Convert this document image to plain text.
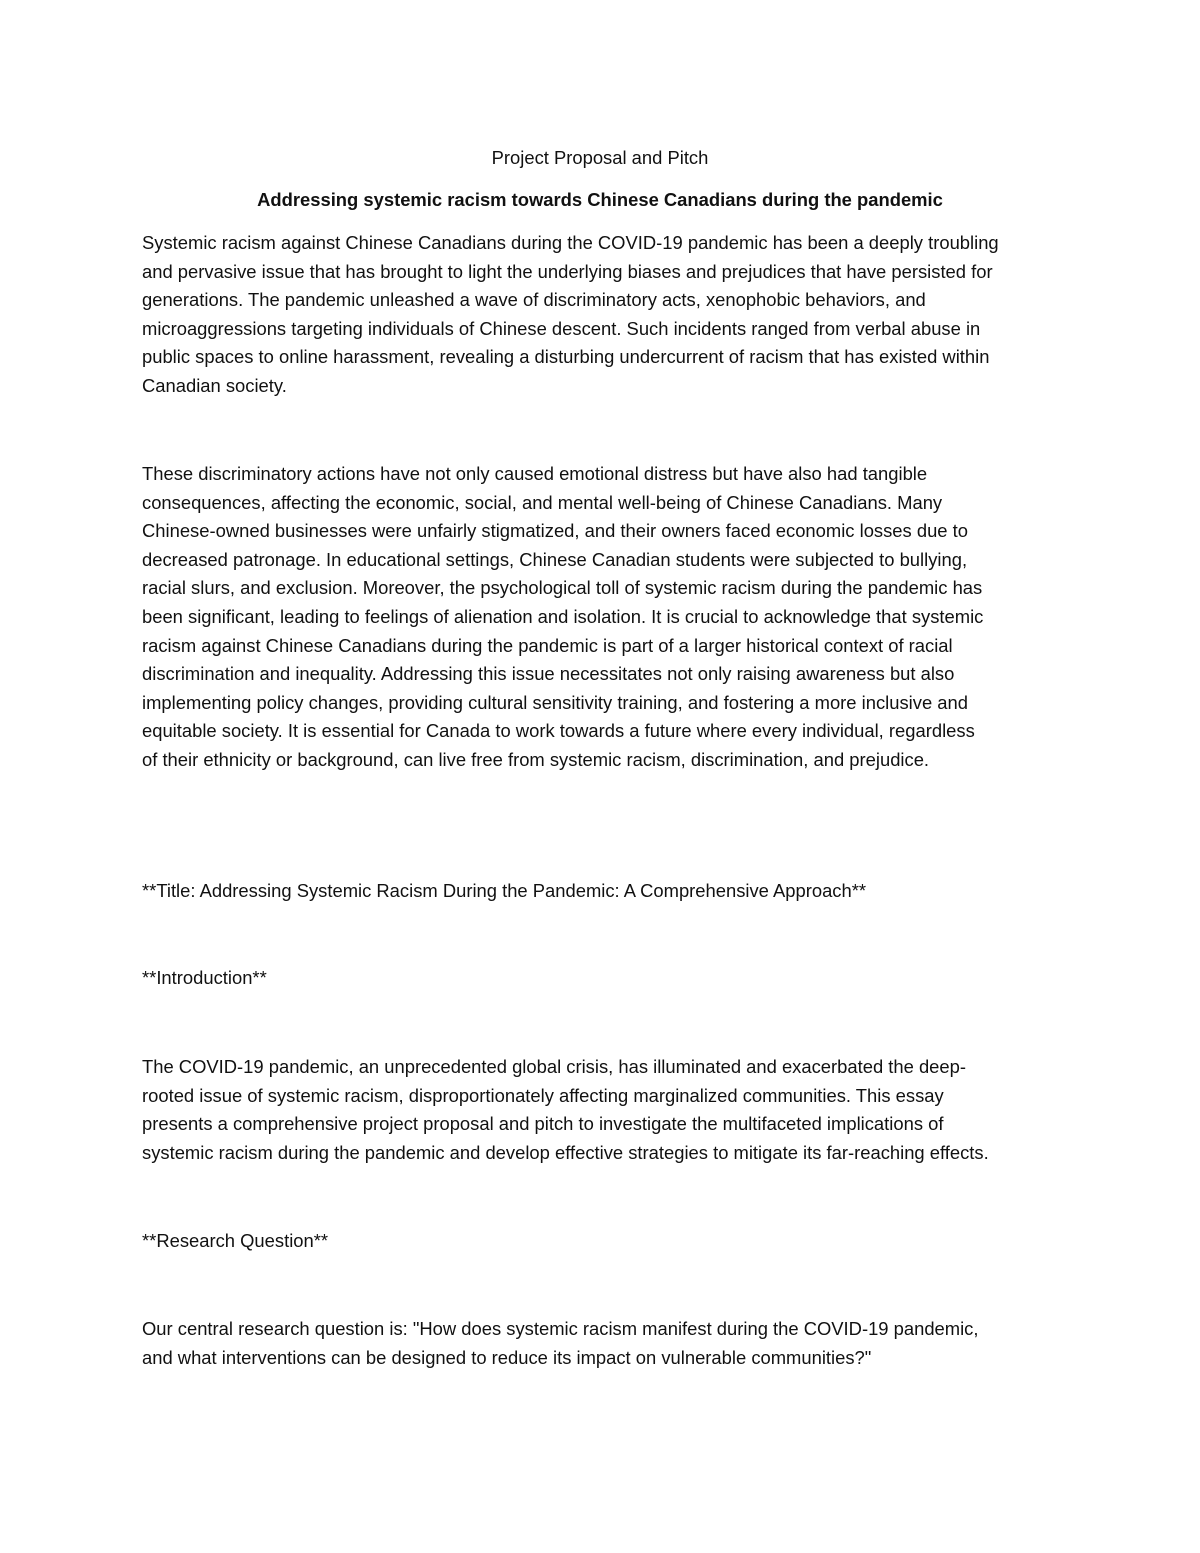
Project Proposal and Pitch
Addressing systemic racism towards Chinese Canadians during the pandemic

Systemic racism against Chinese Canadians during the COVID-19 pandemic has been a deeply troubling
and pervasive issue that has brought to light the underlying biases and prejudices that have persisted for
generations. The pandemic unleashed a wave of discriminatory acts, xenophobic behaviors, and
microaggressions targeting individuals of Chinese descent. Such incidents ranged from verbal abuse in
public spaces to online harassment, revealing a disturbing undercurrent of racism that has existed within
Canadian society.

These discriminatory actions have not only caused emotional distress but have also had tangible
consequences, affecting the economic, social, and mental well-being of Chinese Canadians. Many
Chinese-owned businesses were unfairly stigmatized, and their owners faced economic losses due to
decreased patronage. In educational settings, Chinese Canadian students were subjected to bullying,
racial slurs, and exclusion. Moreover, the psychological toll of systemic racism during the pandemic has
been significant, leading to feelings of alienation and isolation. It is crucial to acknowledge that systemic
racism against Chinese Canadians during the pandemic is part of a larger historical context of racial
discrimination and inequality. Addressing this issue necessitates not only raising awareness but also
implementing policy changes, providing cultural sensitivity training, and fostering a more inclusive and
equitable society. It is essential for Canada to work towards a future where every individual, regardless
of their ethnicity or background, can live free from systemic racism, discrimination, and prejudice.

**Title: Addressing Systemic Racism During the Pandemic: A Comprehensive Approach**

**Introduction**

The COVID-19 pandemic, an unprecedented global crisis, has illuminated and exacerbated the deep-
rooted issue of systemic racism, disproportionately affecting marginalized communities. This essay
presents a comprehensive project proposal and pitch to investigate the multifaceted implications of
systemic racism during the pandemic and develop effective strategies to mitigate its far-reaching effects.

**Research Question**

Our central research question is: "How does systemic racism manifest during the COVID-19 pandemic,
and what interventions can be designed to reduce its impact on vulnerable communities?"
